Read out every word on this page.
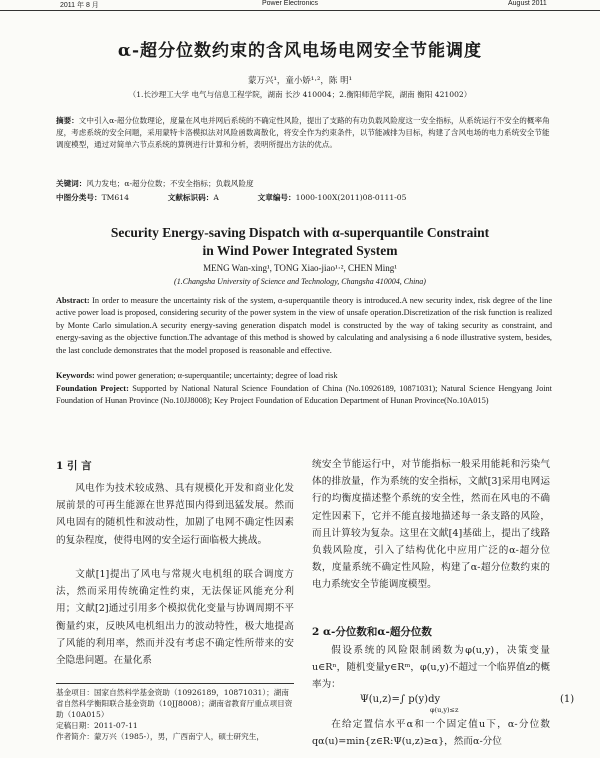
2011 年 8 月	Power Electronics	August 2011
α-超分位数约束的含风电场电网安全节能调度
蒙万兴¹，童小娇¹·²，陈 明¹
（1.长沙理工大学 电气与信息工程学院，湖南 长沙 410004；2.衡阳师范学院，湖南 衡阳 421002）
摘要：文中引入α-超分位数理论，度量在风电并网后系统的不确定性风险，提出了支路的有功负载风险度这一安全指标，从系统运行不安全的概率角度，考虑系统的安全问题，采用蒙特卡洛模拟法对风险函数离散化，将安全作为约束条件，以节能减排为目标，构建了含风电场的电力系统安全节能调度模型，通过对简单六节点系统的算例进行计算和分析，表明所提出方法的优点。
关键词：风力发电；α-超分位数；不安全指标；负载风险度
中图分类号：TM614	文献标识码：A	文章编号：1000-100X(2011)08-0111-05
Security Energy-saving Dispatch with α-superquantile Constraint
in Wind Power Integrated System
MENG Wan-xing¹, TONG Xiao-jiao¹·², CHEN Ming¹
(1.Changsha University of Science and Technology, Changsha 410004, China)
Abstract: In order to measure the uncertainty risk of the system, α-superquantile theory is introduced.A new security index, risk degree of the line active power load is proposed, considering security of the power system in the view of unsafe operation.Discretization of the risk function is realized by Monte Carlo simulation.A security energy-saving generation dispatch model is constructed by the way of taking security as constraint, and energy-saving as the objective function.The advantage of this method is showed by calculating and analysising a 6 node illustrative system, besides, the last conclude demonstrates that the model proposed is reasonable and effective.
Keywords: wind power generation; α-superquantile; uncertainty; degree of load risk
Foundation Project: Supported by National Natural Science Foundation of China (No.10926189, 10871031); Natural Science Hengyang Joint Foundation of Hunan Province (No.10JJ8008); Key Project Foundation of Education Department of Hunan Province(No.10A015)
1 引 言
风电作为技术较成熟、具有规模化开发和商业化发展前景的可再生能源在世界范围内得到迅猛发展。然而风电固有的随机性和波动性，加剧了电网不确定性因素的复杂程度，使得电网的安全运行面临极大挑战。
文献[1]提出了风电与常规火电机组的联合调度方法，然而采用传统确定性约束，无法保证风能充分利用；文献[2]通过引用多个模拟优化变量与协调周期不平衡量约束，反映风电机组出力的波动特性，极大地提高了风能的利用率，然而并没有考虑不确定性所带来的安全隐患问题。在量化系
统安全节能运行中，对节能指标一般采用能耗和污染气体的排放量，作为系统的安全指标，文献[3]采用电网运行的均衡度描述整个系统的安全性，然而在风电的不确定性因素下，它并不能直接地描述每一条支路的风险，而且计算较为复杂。这里在文献[4]基础上，提出了线路负载风险度，引入了结构优化中应用广泛的α-超分位数，度量系统不确定性风险，构建了α-超分位数约束的电力系统安全节能调度模型。
2 α-分位数和α-超分位数
假设系统的风险限制函数为φ(u,y)，决策变量u∈Rⁿ，随机变量y∈Rᵐ，φ(u,y)不超过一个临界值z的概率为：
Ψ(u,z)=∫ p(y)dy
φ(u,y)≤z
(1)
在给定置信水平α和一个固定值u下，α-分位数qα(u)=min{z∈R:Ψ(u,z)≥α}，然而α-分位
基金项目：国家自然科学基金资助（10926189，10871031）；湖南省自然科学衡阳联合基金资助（10JJ8008）；湖南省教育厅重点项目资助（10A015）
定稿日期：2011-07-11
作者简介：蒙万兴（1985-），男，广西南宁人，硕士研究生，
